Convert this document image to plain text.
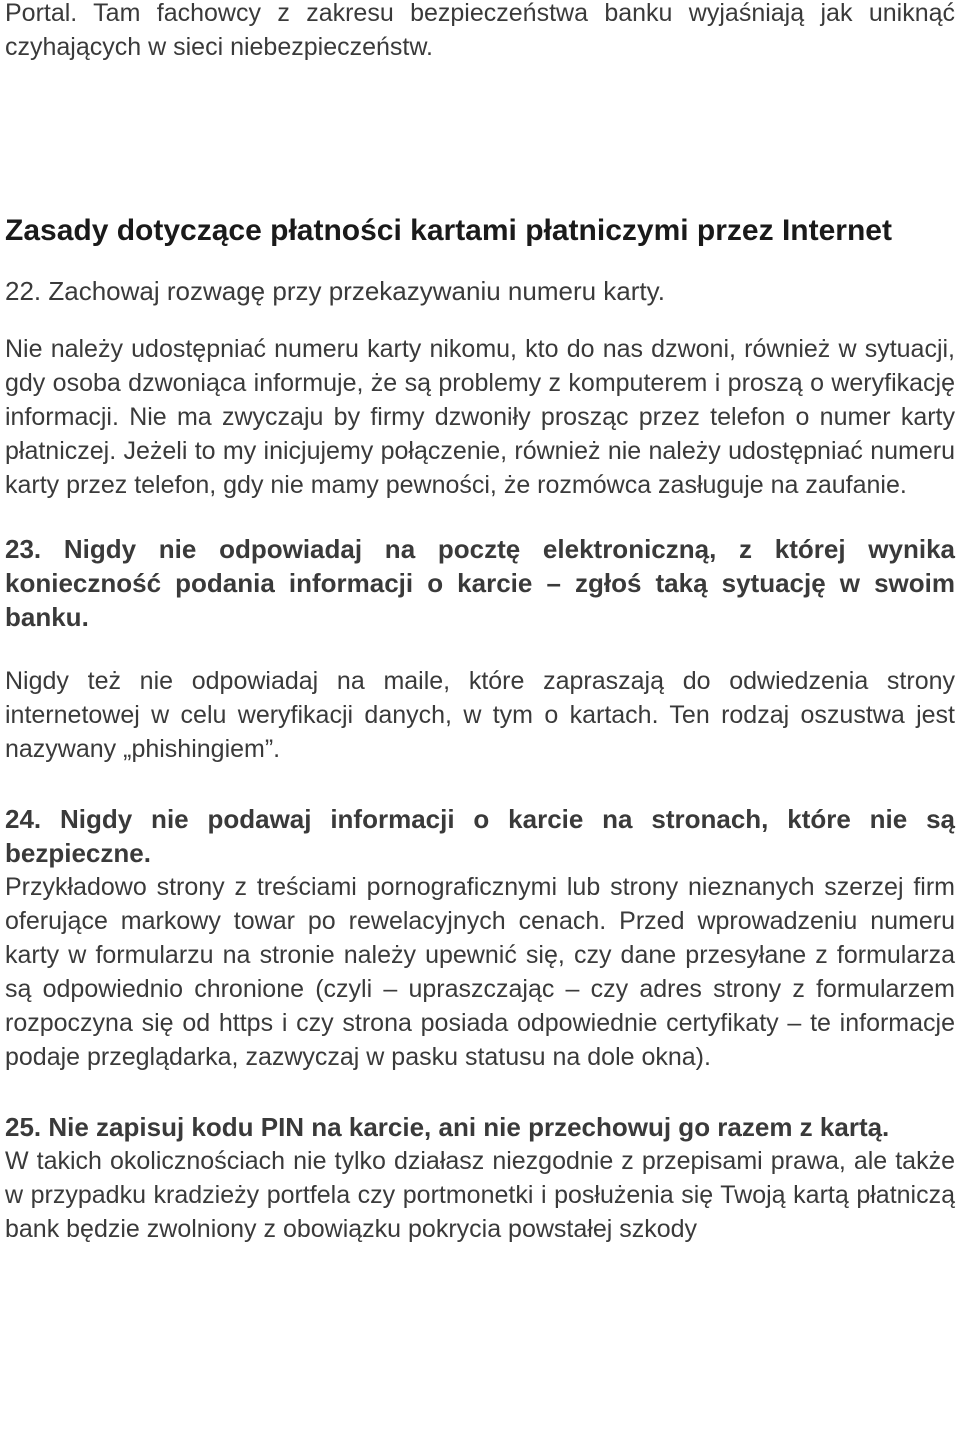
Portal. Tam fachowcy z zakresu bezpieczeństwa banku wyjaśniają jak uniknąć czyhających w sieci niebezpieczeństw.

Zasady dotyczące płatności kartami płatniczymi przez Internet

22. Zachowaj rozwagę przy przekazywaniu numeru karty.

Nie należy udostępniać numeru karty nikomu, kto do nas dzwoni, również w sytuacji, gdy osoba dzwoniąca informuje, że są problemy z komputerem i proszą o weryfikację informacji. Nie ma zwyczaju by firmy dzwoniły prosząc przez telefon o numer karty płatniczej. Jeżeli to my inicjujemy połączenie, również nie należy udostępniać numeru karty przez telefon, gdy nie mamy pewności, że rozmówca zasługuje na zaufanie.

23. Nigdy nie odpowiadaj na pocztę elektroniczną, z której wynika konieczność podania informacji o karcie – zgłoś taką sytuację w swoim banku.

Nigdy też nie odpowiadaj na maile, które zapraszają do odwiedzenia strony internetowej w celu weryfikacji danych, w tym o kartach. Ten rodzaj oszustwa jest nazywany „phishingiem”.

24. Nigdy nie podawaj informacji o karcie na stronach, które nie są bezpieczne.

Przykładowo strony z treściami pornograficznymi lub strony nieznanych szerzej firm oferujące markowy towar po rewelacyjnych cenach. Przed wprowadzeniu numeru karty w formularzu na stronie należy upewnić się, czy dane przesyłane z formularza są odpowiednio chronione (czyli – upraszczając – czy adres strony z formularzem rozpoczyna się od https i czy strona posiada odpowiednie certyfikaty – te informacje podaje przeglądarka, zazwyczaj w pasku statusu na dole okna).

25. Nie zapisuj kodu PIN na karcie, ani nie przechowuj go razem z kartą.

W takich okolicznościach nie tylko działasz niezgodnie z przepisami prawa, ale także w przypadku kradzieży portfela czy portmonetki i posłużenia się Twoją kartą płatniczą bank będzie zwolniony z obowiązku pokrycia powstałej szkody
